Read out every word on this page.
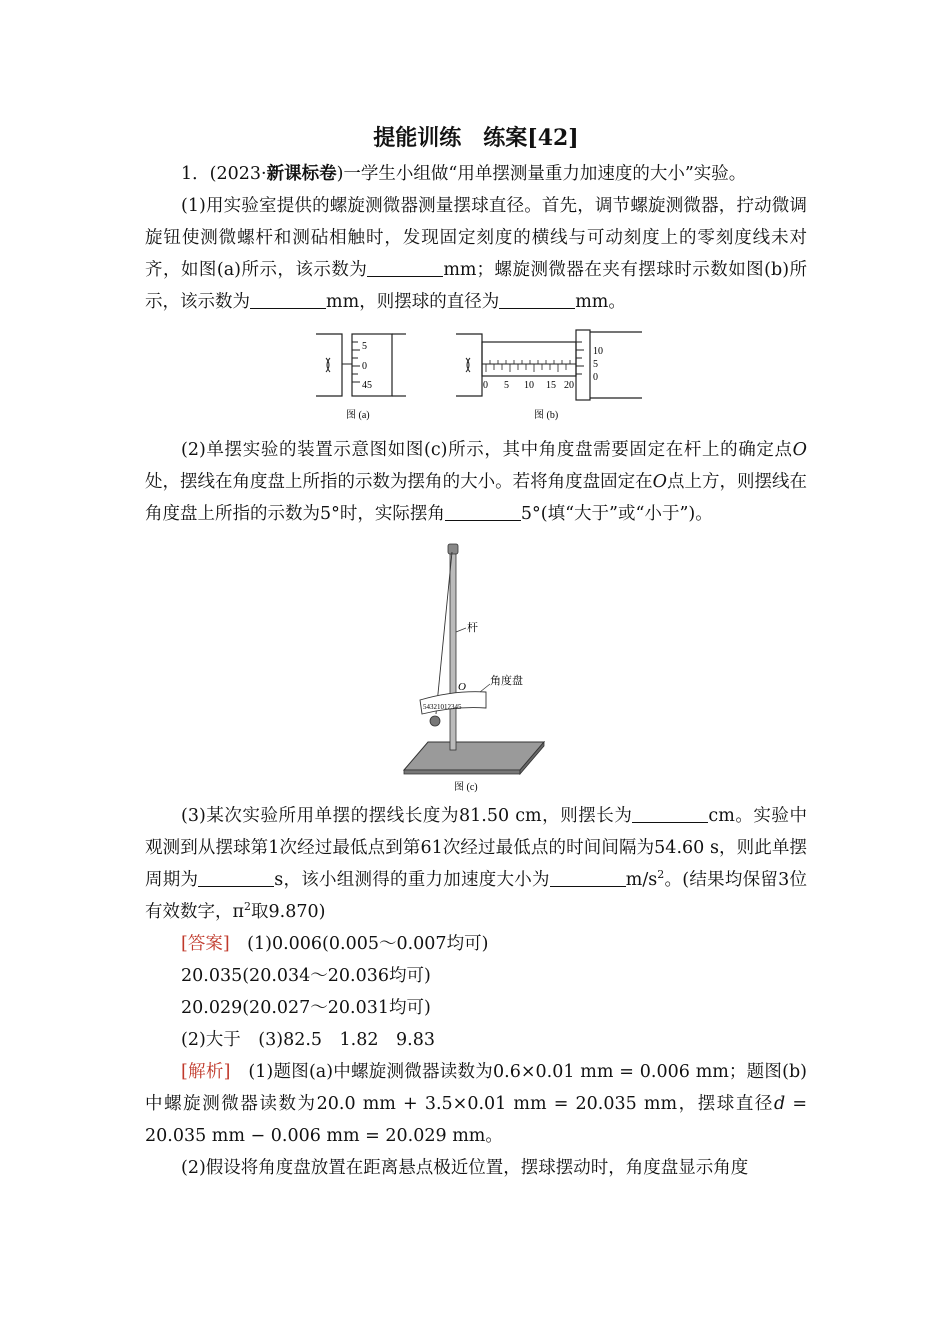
提能训练　练案[42]

1．(2023·新课标卷)一学生小组做“用单摆测量重力加速度的大小”实验。

(1)用实验室提供的螺旋测微器测量摆球直径。首先，调节螺旋测微器，拧动微调旋钮使测微螺杆和测砧相触时，发现固定刻度的横线与可动刻度上的零刻度线未对齐，如图(a)所示，该示数为	mm；螺旋测微器在夹有摆球时示数如图(b)所示，该示数为	mm，则摆球的直径为	mm。

5
0
45
图 (a)
0 5 10 15 20
10
5
0
图 (b)

(2)单摆实验的装置示意图如图(c)所示，其中角度盘需要固定在杆上的确定点O处，摆线在角度盘上所指的示数为摆角的大小。若将角度盘固定在O点上方，则摆线在角度盘上所指的示数为5°时，实际摆角	5°(填“大于”或“小于”)。

54321012345
杆
O 角度盘
图 (c)

(3)某次实验所用单摆的摆线长度为81.50 cm，则摆长为	cm。实验中观测到从摆球第1次经过最低点到第61次经过最低点的时间间隔为54.60 s，则此单摆周期为	s，该小组测得的重力加速度大小为	$m/s^2$。(结果均保留3位有效数字，$\pi^2$取9.870)

[答案]　 (1)0.006(0.005～0.007均可)

20.035(20.034～20.036均可)

20.029(20.027～20.031均可)

(2)大于　(3)82.5　1.82　9.83

[解析]　 (1)题图(a)中螺旋测微器读数为0.6×0.01 mm = 0.006 mm；题图(b)中螺旋测微器读数为20.0 mm + 3.5×0.01 mm = 20.035 mm，摆球直径d = 20.035 mm − 0.006 mm = 20.029 mm。

(2)假设将角度盘放置在距离悬点极近位置，摆球摆动时，角度盘显示角度
